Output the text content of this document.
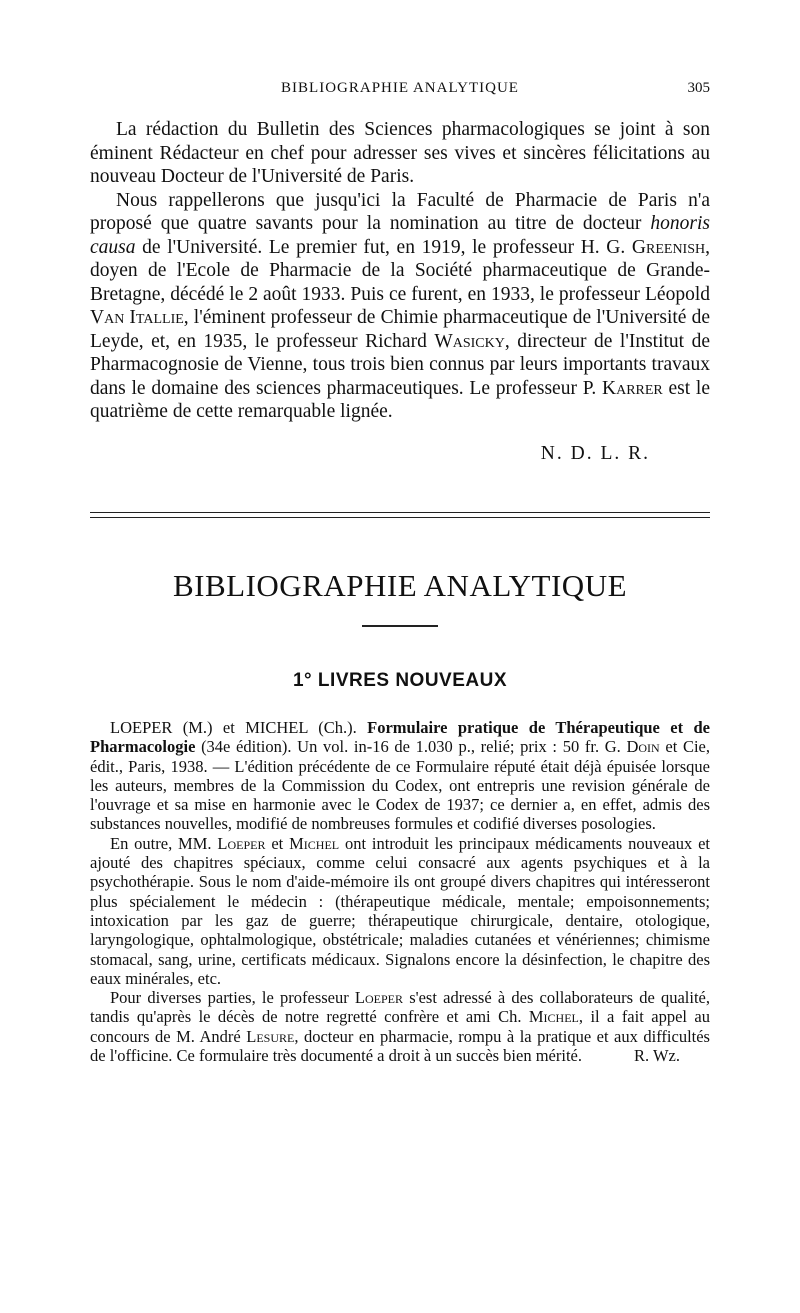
BIBLIOGRAPHIE ANALYTIQUE	305

La rédaction du Bulletin des Sciences pharmacologiques se joint à son éminent Rédacteur en chef pour adresser ses vives et sincères félicitations au nouveau Docteur de l'Université de Paris.

Nous rappellerons que jusqu'ici la Faculté de Pharmacie de Paris n'a proposé que quatre savants pour la nomination au titre de docteur honoris causa de l'Université. Le premier fut, en 1919, le professeur H. G. Greenish, doyen de l'Ecole de Pharmacie de la Société pharmaceutique de Grande-Bretagne, décédé le 2 août 1933. Puis ce furent, en 1933, le professeur Léopold Van Itallie, l'éminent professeur de Chimie pharmaceutique de l'Université de Leyde, et, en 1935, le professeur Richard Wasicky, directeur de l'Institut de Pharmacognosie de Vienne, tous trois bien connus par leurs importants travaux dans le domaine des sciences pharmaceutiques. Le professeur P. Karrer est le quatrième de cette remarquable lignée.

N. D. L. R.
BIBLIOGRAPHIE ANALYTIQUE
1° LIVRES NOUVEAUX

LOEPER (M.) et MICHEL (Ch.). Formulaire pratique de Thérapeutique et de Pharmacologie (34e édition). Un vol. in-16 de 1.030 p., relié; prix : 50 fr. G. Doin et Cie, édit., Paris, 1938. — L'édition précédente de ce Formulaire réputé était déjà épuisée lorsque les auteurs, membres de la Commission du Codex, ont entrepris une revision générale de l'ouvrage et sa mise en harmonie avec le Codex de 1937; ce dernier a, en effet, admis des substances nouvelles, modifié de nombreuses formules et codifié diverses posologies.

En outre, MM. Loeper et Michel ont introduit les principaux médicaments nouveaux et ajouté des chapitres spéciaux, comme celui consacré aux agents psychiques et à la psychothérapie. Sous le nom d'aide-mémoire ils ont groupé divers chapitres qui intéresseront plus spécialement le médecin : (thérapeutique médicale, mentale; empoisonnements; intoxication par les gaz de guerre; thérapeutique chirurgicale, dentaire, otologique, laryngologique, ophtalmologique, obstétricale; maladies cutanées et vénériennes; chimisme stomacal, sang, urine, certificats médicaux. Signalons encore la désinfection, le chapitre des eaux minérales, etc.

Pour diverses parties, le professeur Loeper s'est adressé à des collaborateurs de qualité, tandis qu'après le décès de notre regretté confrère et ami Ch. Michel, il a fait appel au concours de M. André Lesure, docteur en pharmacie, rompu à la pratique et aux difficultés de l'officine. Ce formulaire très documenté a droit à un succès bien mérité.	R. Wz.
